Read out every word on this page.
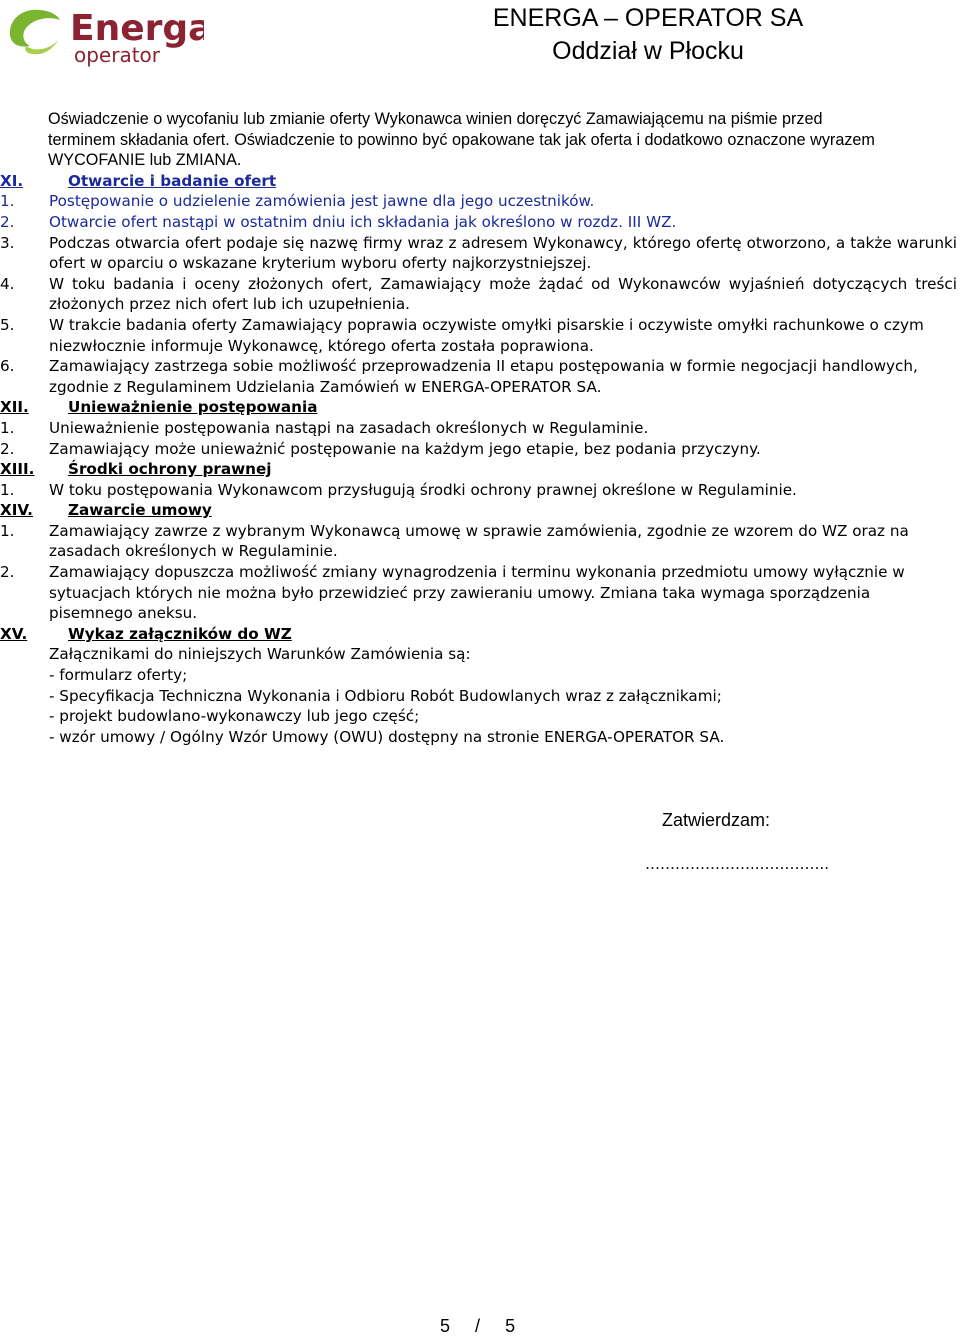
Energa
operator
ENERGA – OPERATOR SA
Oddział w Płocku
Oświadczenie o wycofaniu lub zmianie oferty Wykonawca winien doręczyć Zamawiającemu na piśmie przed
terminem składania ofert. Oświadczenie to powinno być opakowane tak jak oferta i dodatkowo oznaczone wyrazem
WYCOFANIE lub ZMIANA.
XI.	Otwarcie i badanie ofert
1. Postępowanie o udzielenie zamówienia jest jawne dla jego uczestników.
2. Otwarcie ofert nastąpi w ostatnim dniu ich składania jak określono w rozdz. III WZ.
3. Podczas otwarcia ofert podaje się nazwę firmy wraz z adresem Wykonawcy, którego ofertę otworzono, a także warunki ofert w oparciu o wskazane kryterium wyboru oferty najkorzystniejszej.
4. W toku badania i oceny złożonych ofert, Zamawiający może żądać od Wykonawców wyjaśnień dotyczących treści złożonych przez nich ofert lub ich uzupełnienia.
5. W trakcie badania oferty Zamawiający poprawia oczywiste omyłki pisarskie i oczywiste omyłki rachunkowe o czym niezwłocznie informuje Wykonawcę, którego oferta została poprawiona.
6. Zamawiający zastrzega sobie możliwość przeprowadzenia II etapu postępowania w formie negocjacji handlowych, zgodnie z Regulaminem Udzielania Zamówień w ENERGA-OPERATOR SA.
XII.	Unieważnienie postępowania
1. Unieważnienie postępowania nastąpi na zasadach określonych w Regulaminie.
2. Zamawiający może unieważnić postępowanie na każdym jego etapie, bez podania przyczyny.
XIII. Środki ochrony prawnej
1. W toku postępowania Wykonawcom przysługują środki ochrony prawnej określone w Regulaminie.
XIV. Zawarcie umowy
1. Zamawiający zawrze z wybranym Wykonawcą umowę w sprawie zamówienia, zgodnie ze wzorem do WZ oraz na zasadach określonych w Regulaminie.
2. Zamawiający dopuszcza możliwość zmiany wynagrodzenia i terminu wykonania przedmiotu umowy wyłącznie w sytuacjach których nie można było przewidzieć przy zawieraniu umowy. Zmiana taka wymaga sporządzenia pisemnego aneksu.
XV.	Wykaz załączników do WZ
Załącznikami do niniejszych Warunków Zamówienia są:
- formularz oferty;
- Specyfikacja Techniczna Wykonania i Odbioru Robót Budowlanych wraz z załącznikami;
- projekt budowlano-wykonawczy lub jego część;
- wzór umowy / Ogólny Wzór Umowy (OWU) dostępny na stronie ENERGA-OPERATOR SA.
Zatwierdzam:
…………………..…………..
5 / 5
